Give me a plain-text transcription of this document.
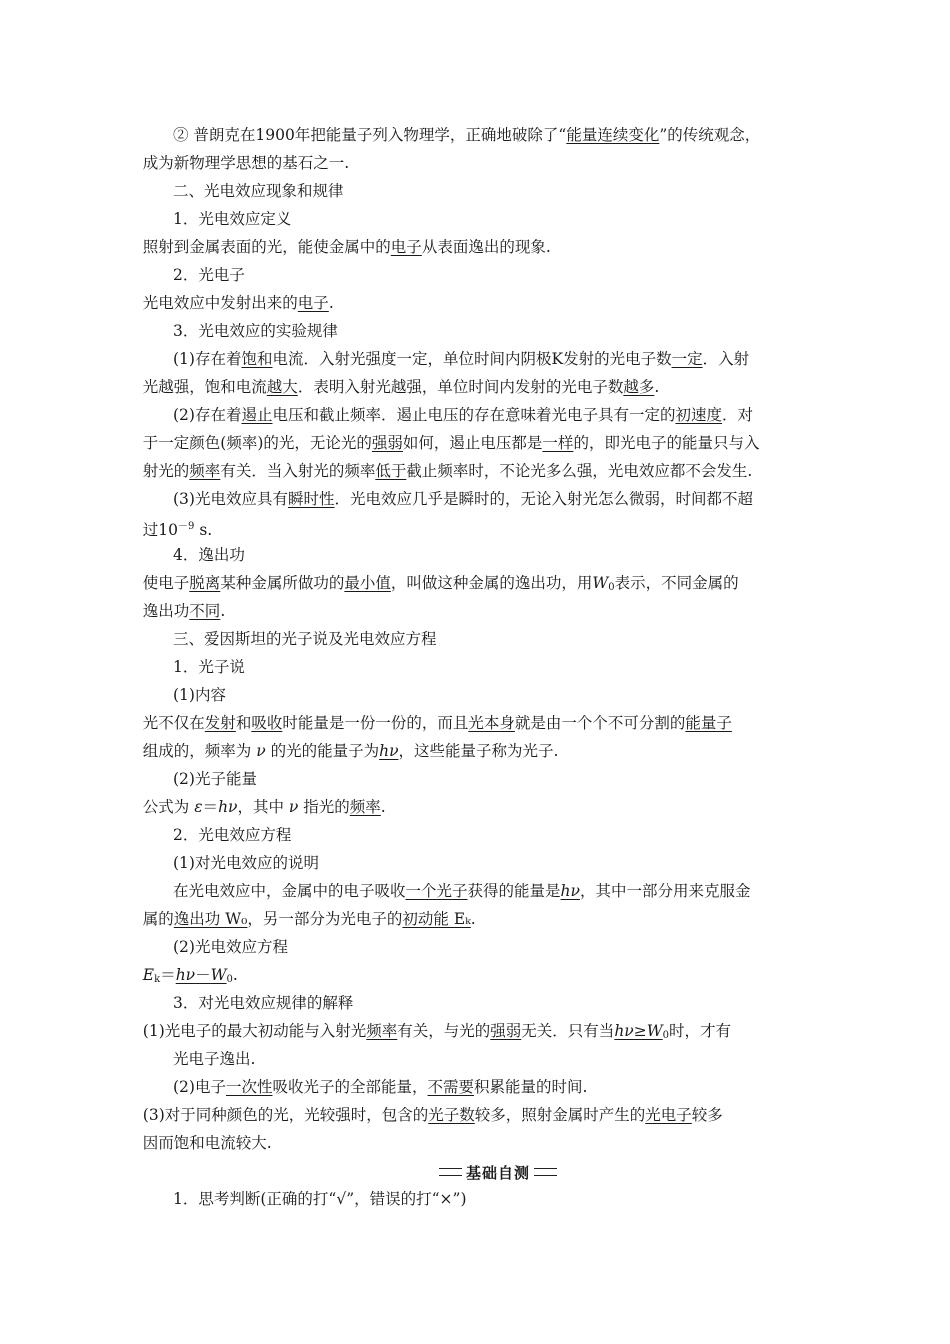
② 普朗克在1900年把能量子列入物理学，正确地破除了“能量连续变化”的传统观念，
成为新物理学思想的基石之一.
二、光电效应现象和规律
1．光电效应定义
照射到金属表面的光，能使金属中的电子从表面逸出的现象.
2．光电子
光电效应中发射出来的电子.
3．光电效应的实验规律
(1)存在着饱和电流．入射光强度一定，单位时间内阴极K发射的光电子数一定．入射
光越强，饱和电流越大．表明入射光越强，单位时间内发射的光电子数越多.
(2)存在着遏止电压和截止频率．遏止电压的存在意味着光电子具有一定的初速度．对
于一定颜色(频率)的光，无论光的强弱如何，遏止电压都是一样的，即光电子的能量只与入
射光的频率有关．当入射光的频率低于截止频率时，不论光多么强，光电效应都不会发生.
(3)光电效应具有瞬时性．光电效应几乎是瞬时的，无论入射光怎么微弱，时间都不超
过$10^{-9}$ s.
4．逸出功
使电子脱离某种金属所做功的最小值，叫做这种金属的逸出功，用$W_0$表示，不同金属的
逸出功不同.
三、爱因斯坦的光子说及光电效应方程
1．光子说
(1)内容
光不仅在发射和吸收时能量是一份一份的，而且光本身就是由一个个不可分割的能量子
组成的，频率为 ν 的光的能量子为hν，这些能量子称为光子.
(2)光子能量
公式为 ε＝hν，其中 ν 指光的频率.
2．光电效应方程
(1)对光电效应的说明
在光电效应中，金属中的电子吸收一个光子获得的能量是hν，其中一部分用来克服金
属的逸出功 W₀，另一部分为光电子的初动能 Eₖ.
(2)光电效应方程
$E_k=h\nu-W_0$.
3．对光电效应规律的解释
(1)光电子的最大初动能与入射光频率有关，与光的强弱无关．只有当$h\nu\ge W_0$时，才有
光电子逸出.
(2)电子一次性吸收光子的全部能量，不需要积累能量的时间.
(3)对于同种颜色的光，光较强时，包含的光子数较多，照射金属时产生的光电子较多
因而饱和电流较大.
基础自测
1．思考判断(正确的打“√”，错误的打“×”)
